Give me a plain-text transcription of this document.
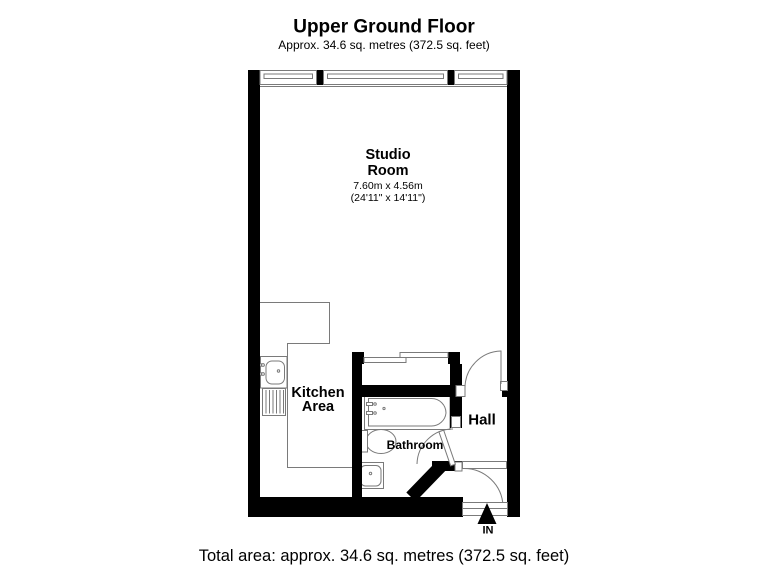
Upper Ground Floor
Approx. 34.6 sq. metres (372.5 sq. feet)
Studio
Room
7.60m x 4.56m
(24'11" x 14'11")
Kitchen
Area
Bathroom
Hall
IN
Total area: approx. 34.6 sq. metres (372.5 sq. feet)
